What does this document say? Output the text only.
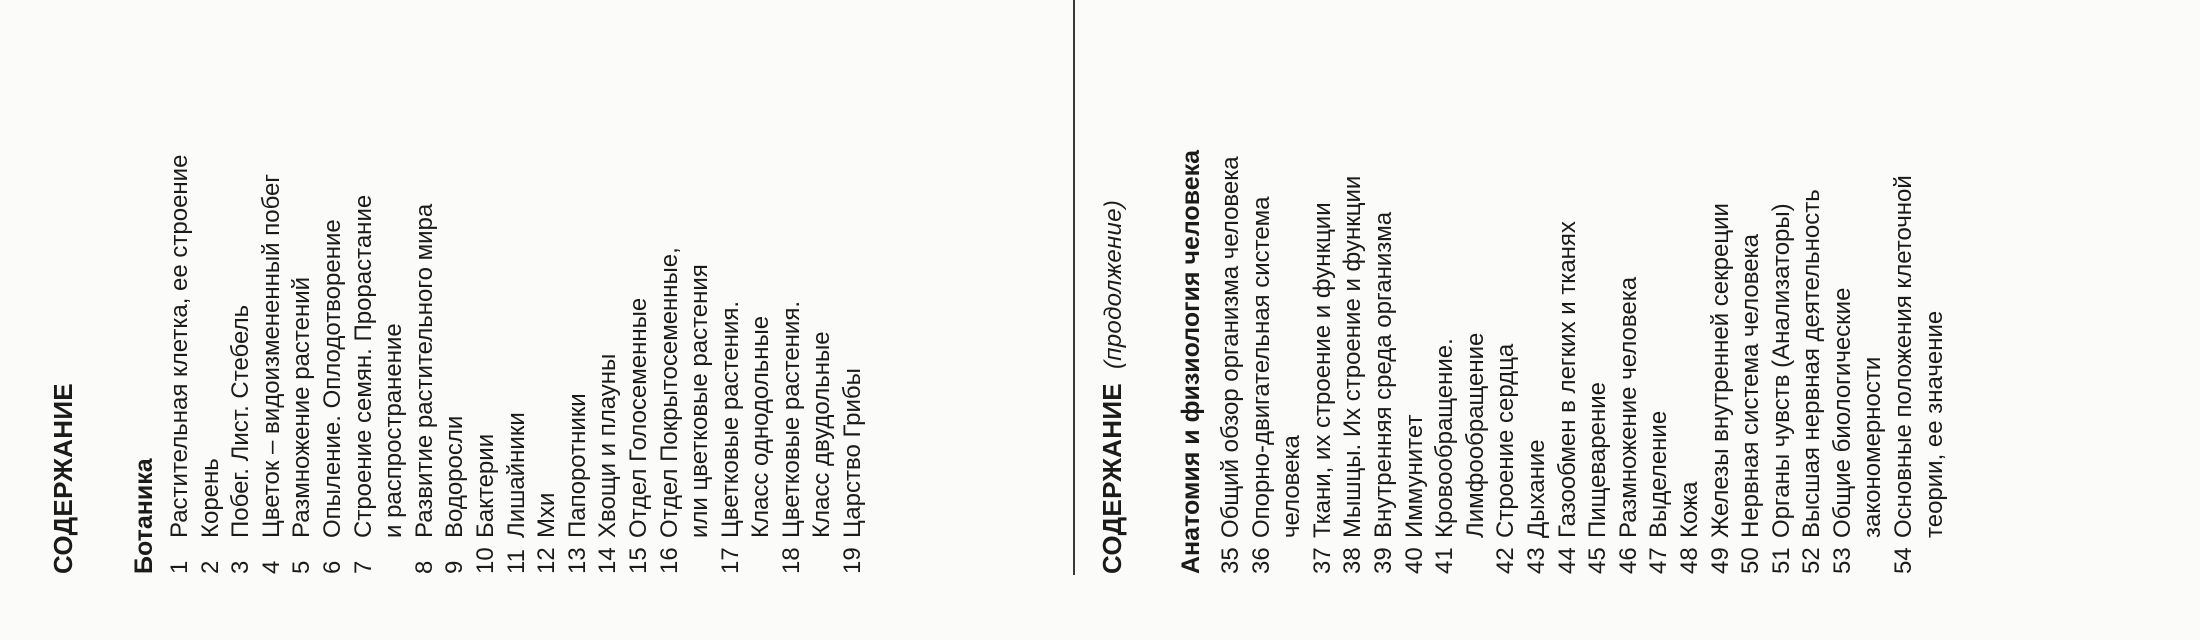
СОДЕРЖАНИЕ Ботаника 1
Растительная клетка, ее строение
2
Корень
3
Побег. Лист. Стебель
4
Цветок – видоизмененный побег
5
Размножение растений
6
Опыление. Оплодотворение
7
Строение семян. Прорастание и распространение
8
Развитие растительного мира
9
Водоросли
10
Бактерии
11
Лишайники
12
Мхи
13
Папоротники
14
Хвощи и плауны
15
Отдел Голосеменные
16
Отдел Покрытосеменные, или цветковые растения
17
Цветковые растения. Класс однодольные
18
Цветковые растения. Класс двудольные
19
Царство Грибы	СОДЕРЖАНИЕ(продолжение) Анатомия и физиология человека 35
Общий обзор организма человека
36
Опорно-двигательная система человека
37
Ткани, их строение и функции
38
Мышцы. Их строение и функции
39
Внутренняя среда организма
40
Иммунитет
41
Кровообращение. Лимфообращение
42
Строение сердца
43
Дыхание
44
Газообмен в легких и тканях
45
Пищеварение
46
Размножение человека
47
Выделение
48
Кожа
49
Железы внутренней секреции
50
Нервная система человека
51
Органы чувств (Анализаторы)
52
Высшая нервная деятельность
53
Общие биологические закономерности
54
Основные положения клеточной теории, ее значение
